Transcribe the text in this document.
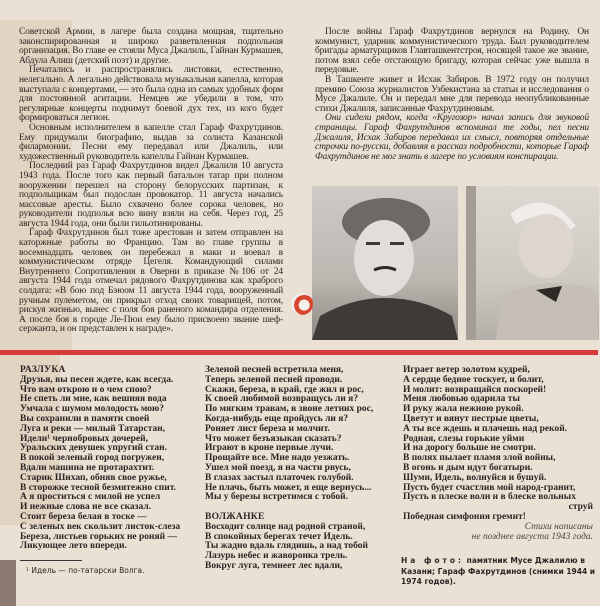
Советской Армии, в лагере была создана мощная, тщательно законспирированная и широко разветвленная подпольная организация. Во главе ее стояли Муса Джалиль, Гайнан Курмашев, Абдула Алиш (детский поэт) и другие.

Печатались и распространялись листовки, естественно, нелегально. А легально действовала музыкальная капелла, которая выступала с концертами, — это была одна из самых удобных форм для постоянной агитации. Немцев же убедили в том, что регулярные концерты поднимут боевой дух тех, из кого будет формироваться легион.

Основным исполнителем в капелле стал Гараф Фахрутдинов. Ему придумали биографию, выдав за солиста Казанской филармонии. Песни ему передавал или Джалиль, или художественный руководитель капеллы Гайнан Курмашев.

Последний раз Гараф Фахрутдинов видел Джалиля 10 августа 1943 года. После того как первый батальон татар при полном вооружении перешел на сторону белорусских партизан, к подпольщикам был подослан провокатор. 11 августа начались массовые аресты. Было схвачено более сорока человек, но руководители подполья всю вину взяли на себя. Через год, 25 августа 1944 года, они были гильотинированы.

Гараф Фахрутдинов был тоже арестован и затем отправлен на каторжные работы во Францию. Там во главе группы в восемнадцать человек он перебежал в маки и воевал в коммунистическом отряде Цегеля. Командующий силами Внутреннего Сопротивления в Оверни в приказе №106 от 24 августа 1944 года отмечал рядового Фахрутдинова как храброго солдата: «В бою под Бэюом 11 августа 1944 года, вооруженный ручным пулеметом, он прикрыл отход своих товарищей, потом, рискуя жизнью, вынес с поля боя раненого командира отделения. А после боя в городе Ле-Пюи ему было присвоено звание шеф-сержанта, и он представлен к награде».

После войны Гараф Фахрутдинов вернулся на Родину. Он коммунист, ударник коммунистического труда. Был руководителем бригады арматурщиков Главташкентстроя, носящей такое же звание, потом взял себе отстающую бригаду, которая сейчас уже вышла в передовые.

В Ташкенте живет и Исхак Забиров. В 1972 году он получил премию Союза журналистов Узбекистана за статьи и исследования о Мусе Джалиле. Он и передал мне для перевода неопубликованные стихи Джалиля, записанные Фахрутдиновым.

Они сидели рядом, когда «Кругозор» начал запись для звуковой страницы. Гараф Фахрутдинов вспоминал те годы, пел песни Джалиля, Исхак Забиров передавал их смысл, повторяя отдельные строчки по-русски, добавляя в рассказ подробности, которые Гараф Фахрутдинов не мог знать в лагере по условиям конспирации.

РАЗЛУКА
Друзья, вы песен ждете, как всегда.
Что вам открою и о чем спою?
Не спеть ли мне, как вешняя вода
Умчала с шумом молодость мою?
Вы сохранили в памяти своей
Луга и реки — милый Татарстан,
Идели¹ чернобровых дочерей,
Уральских девушек упругий стан.
В покой зеленый город погружен,
Вдали машина не протарахтит.
Старик Шихап, обняв свое ружье,
В сторожке тесной безмятежно спит.
А я проститься с милой не успел
И нежные слова не все сказал.
Стоит береза белая в тоске —
С зеленых век скользит листок-слеза
Береза, листьев горьких не роняй —
Ликующее лето впереди.
¹ Идель — по-татарски Волга.
Зеленой песней встретила меня,
Теперь зеленой песней проводи.
Скажи, береза, в край, где жил и рос,
К своей любимой возвращусь ли я?
По мягким травам, в звоне летних рос,
Когда-нибудь еще пройдусь ли я?
Роняет лист береза и молчит.
Что может безъязыкая сказать?
Играют в кроне первые лучи.
Прощайте все. Мне надо уезжать.
Ушел мой поезд, я на части рвусь,
В глазах застыл платочек голубой.
Не плачь, быть может, я еще вернусь...
Мы у березы встретимся с тобой.
ВОЛЖАНКЕ
Восходит солнце над родной страной,
В спокойных берегах течет Идель.
Ты жадно вдаль глядишь, а над тобой
Лазурь небес и жаворонка трель.
Вокруг луга, темнеет лес вдали,
Играет ветер золотом кудрей,
А сердце бедное тоскует, и болит,
И молит: возвращайся поскорей!
Меня любовью одарила ты
И руку жала нежною рукой.
Цветут и вянут пестрые цветы,
А ты все ждешь и плачешь над рекой.
Родная, слезы горькие уйми
И на дорогу больше не смотри.
В полях пылает пламя злой войны,
В огонь и дым идут богатыри.
Шуми, Идель, волнуйся и бушуй.
Пусть будет счастлив мой народ-гранит,
Пусть в плеске волн и в блеске вольных
струй
Победная симфония гремит!
Стихи написаны
не позднее августа 1943 года.
На фото: памятник Мусе Джалилю в Казани; Гараф Фахрутдинов (снимки 1944 и 1974 годов).
